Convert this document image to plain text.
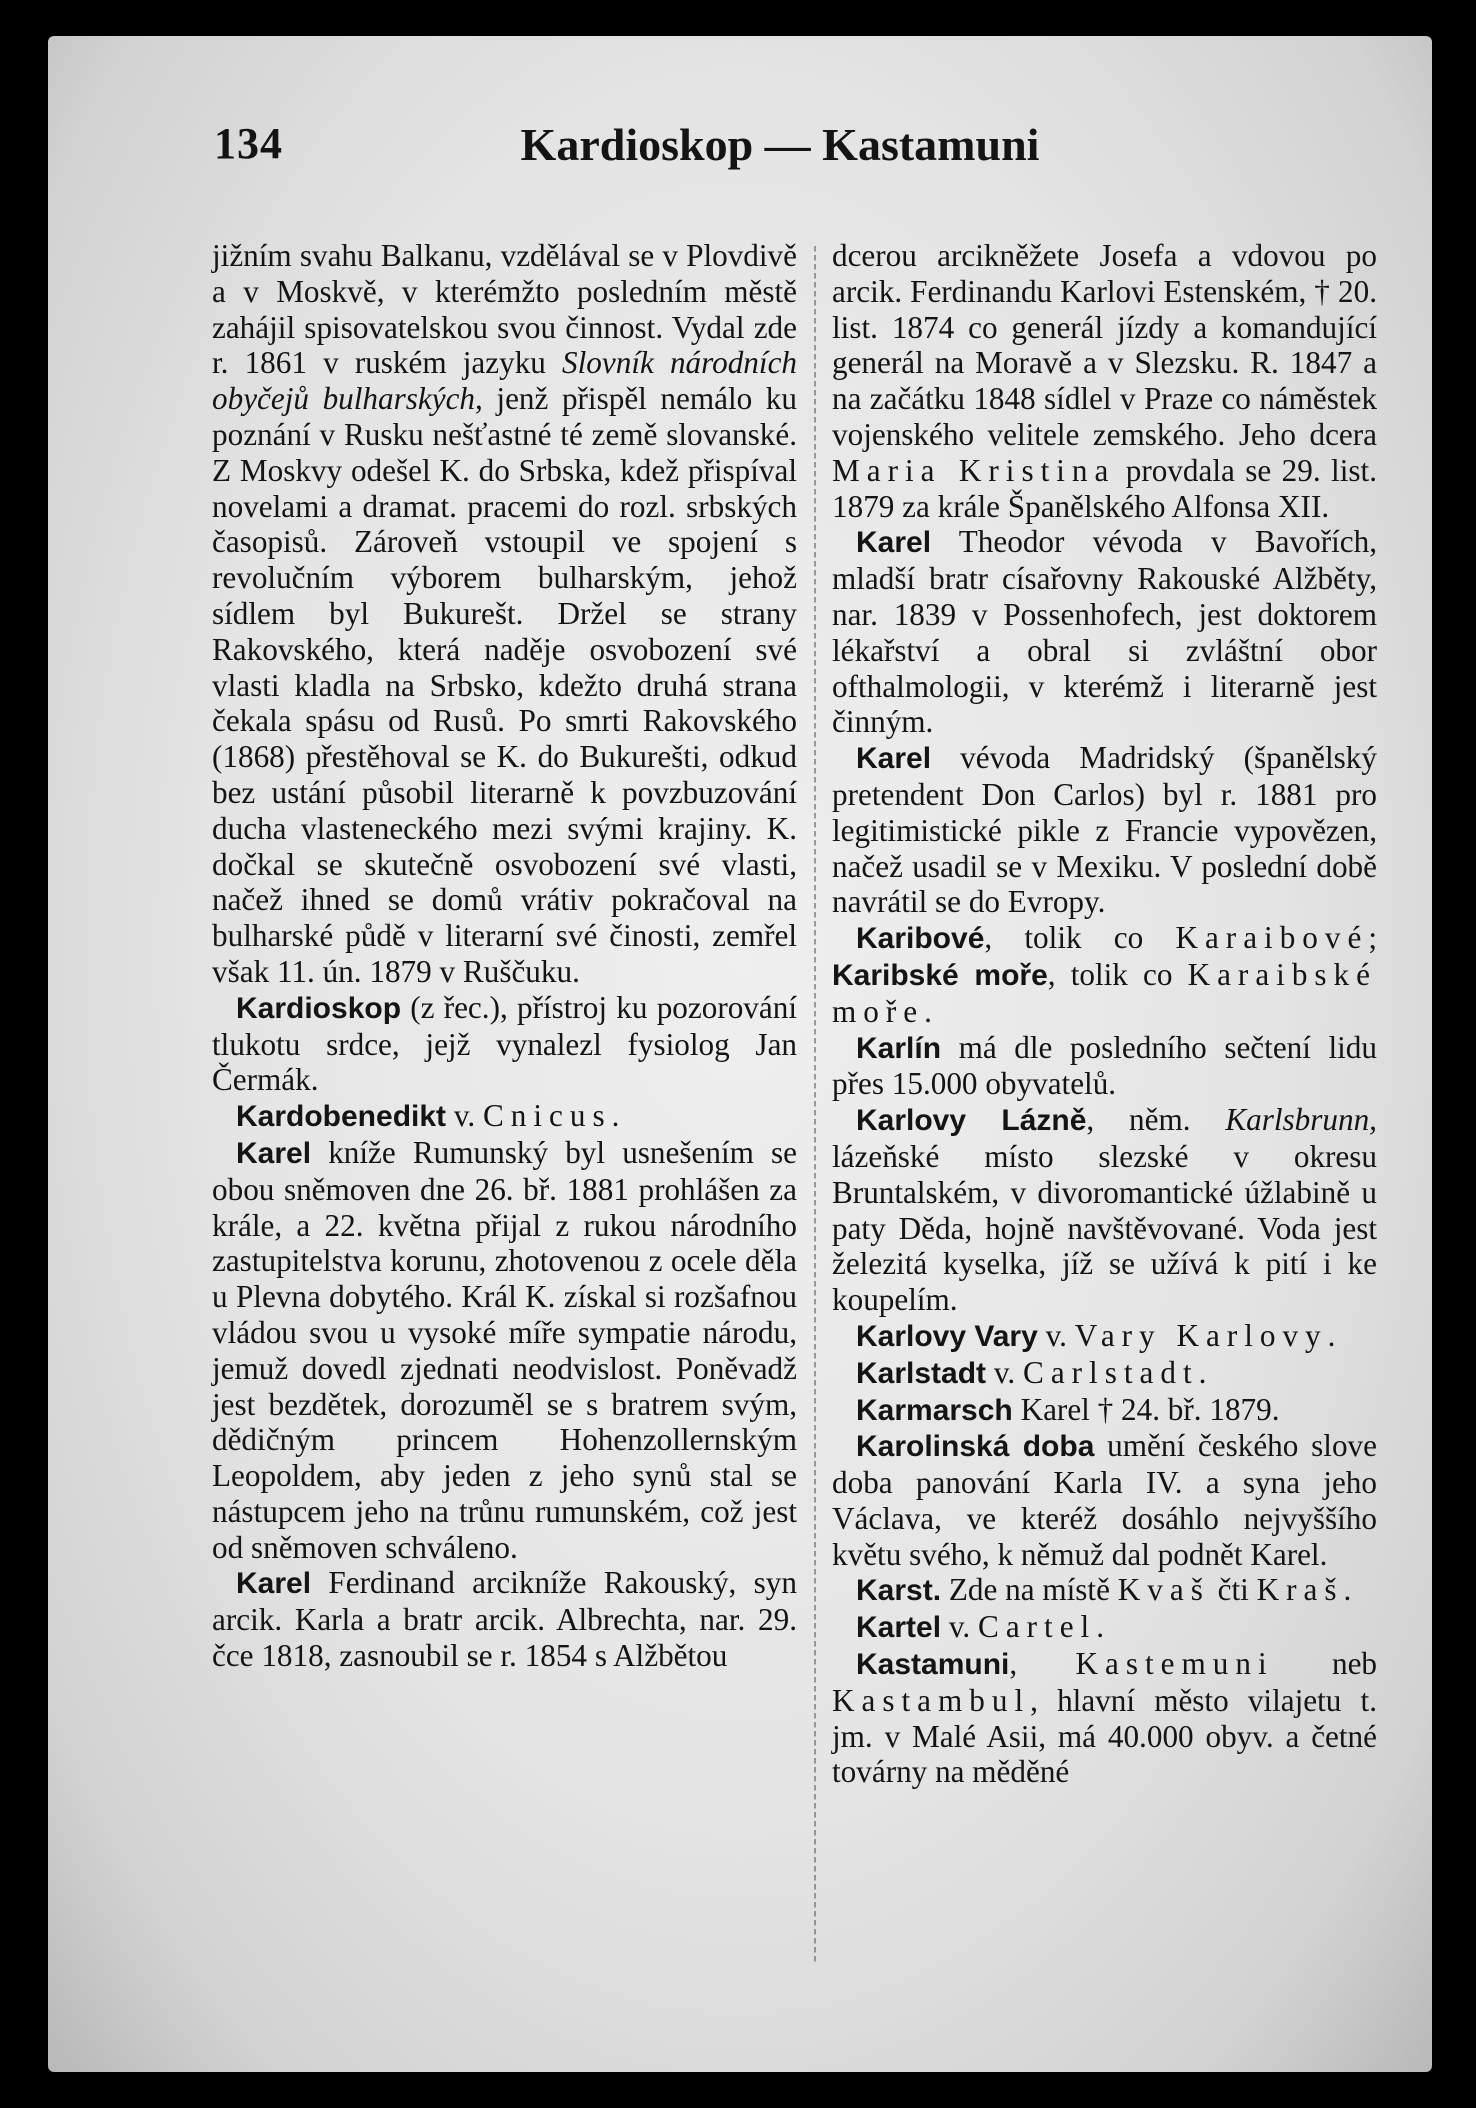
134	Kardioskop — Kastamuni

jižním svahu Balkanu, vzdělával se v Plovdivě a v Moskvě, v kterémžto posledním městě zahájil spisovatelskou svou činnost. Vydal zde r. 1861 v ruském jazyku Slovník národních obyčejů bulharských, jenž přispěl nemálo ku poznání v Rusku nešťastné té země slovanské. Z Moskvy odešel K. do Srbska, kdež přispíval novelami a dramat. pracemi do rozl. srbských časopisů. Zároveň vstoupil ve spojení s revolučním výborem bulharským, jehož sídlem byl Bukurešt. Držel se strany Rakovského, která naděje osvobození své vlasti kladla na Srbsko, kdežto druhá strana čekala spásu od Rusů. Po smrti Rakovského (1868) přestěhoval se K. do Bukurešti, odkud bez ustání působil literarně k povzbuzování ducha vlasteneckého mezi svými krajiny. K. dočkal se skutečně osvobození své vlasti, načež ihned se domů vrátiv pokračoval na bulharské půdě v literarní své činosti, zemřel však 11. ún. 1879 v Ruščuku.

Kardioskop (z řec.), přístroj ku pozorování tlukotu srdce, jejž vynalezl fysiolog Jan Čermák.

Kardobenedikt v. Cnicus.

Karel kníže Rumunský byl usnešením se obou sněmoven dne 26. bř. 1881 prohlášen za krále, a 22. května přijal z rukou národního zastupitelstva korunu, zhotovenou z ocele děla u Plevna dobytého. Král K. získal si rozšafnou vládou svou u vysoké míře sympatie národu, jemuž dovedl zjednati neodvislost. Poněvadž jest bezdětek, dorozuměl se s bratrem svým, dědičným princem Hohenzollernským Leopoldem, aby jeden z jeho synů stal se nástupcem jeho na trůnu rumunském, což jest od sněmoven schváleno.

Karel Ferdinand arcikníže Rakouský, syn arcik. Karla a bratr arcik. Albrechta, nar. 29. čce 1818, zasnoubil se r. 1854 s Alžbětou

dcerou arcikněžete Josefa a vdovou po arcik. Ferdinandu Karlovi Estenském, † 20. list. 1874 co generál jízdy a komandující generál na Moravě a v Slezsku. R. 1847 a na začátku 1848 sídlel v Praze co náměstek vojenského velitele zemského. Jeho dcera Maria Kristina provdala se 29. list. 1879 za krále Španělského Alfonsa XII.

Karel Theodor vévoda v Bavořích, mladší bratr císařovny Rakouské Alžběty, nar. 1839 v Possenhofech, jest doktorem lékařství a obral si zvláštní obor ofthalmologii, v kterémž i literarně jest činným.

Karel vévoda Madridský (španělský pretendent Don Carlos) byl r. 1881 pro legitimistické pikle z Francie vypovězen, načež usadil se v Mexiku. V poslední době navrátil se do Evropy.

Karibové, tolik co Karaibové; Karibské moře, tolik co Karaibské moře.

Karlín má dle posledního sečtení lidu přes 15.000 obyvatelů.

Karlovy Lázně, něm. Karlsbrunn, lázeňské místo slezské v okresu Bruntalském, v divoromantické úžlabině u paty Děda, hojně navštěvované. Voda jest železitá kyselka, jíž se užívá k pití i ke koupelím.

Karlovy Vary v. Vary Karlovy.

Karlstadt v. Carlstadt.

Karmarsch Karel † 24. bř. 1879.

Karolinská doba umění českého slove doba panování Karla IV. a syna jeho Václava, ve kteréž dosáhlo nejvyššího květu svého, k němuž dal podnět Karel.

Karst. Zde na místě Kvaš čti Kraš.

Kartel v. Cartel.

Kastamuni, Kastemuni neb Kastambul, hlavní město vilajetu t. jm. v Malé Asii, má 40.000 obyv. a četné továrny na měděné
